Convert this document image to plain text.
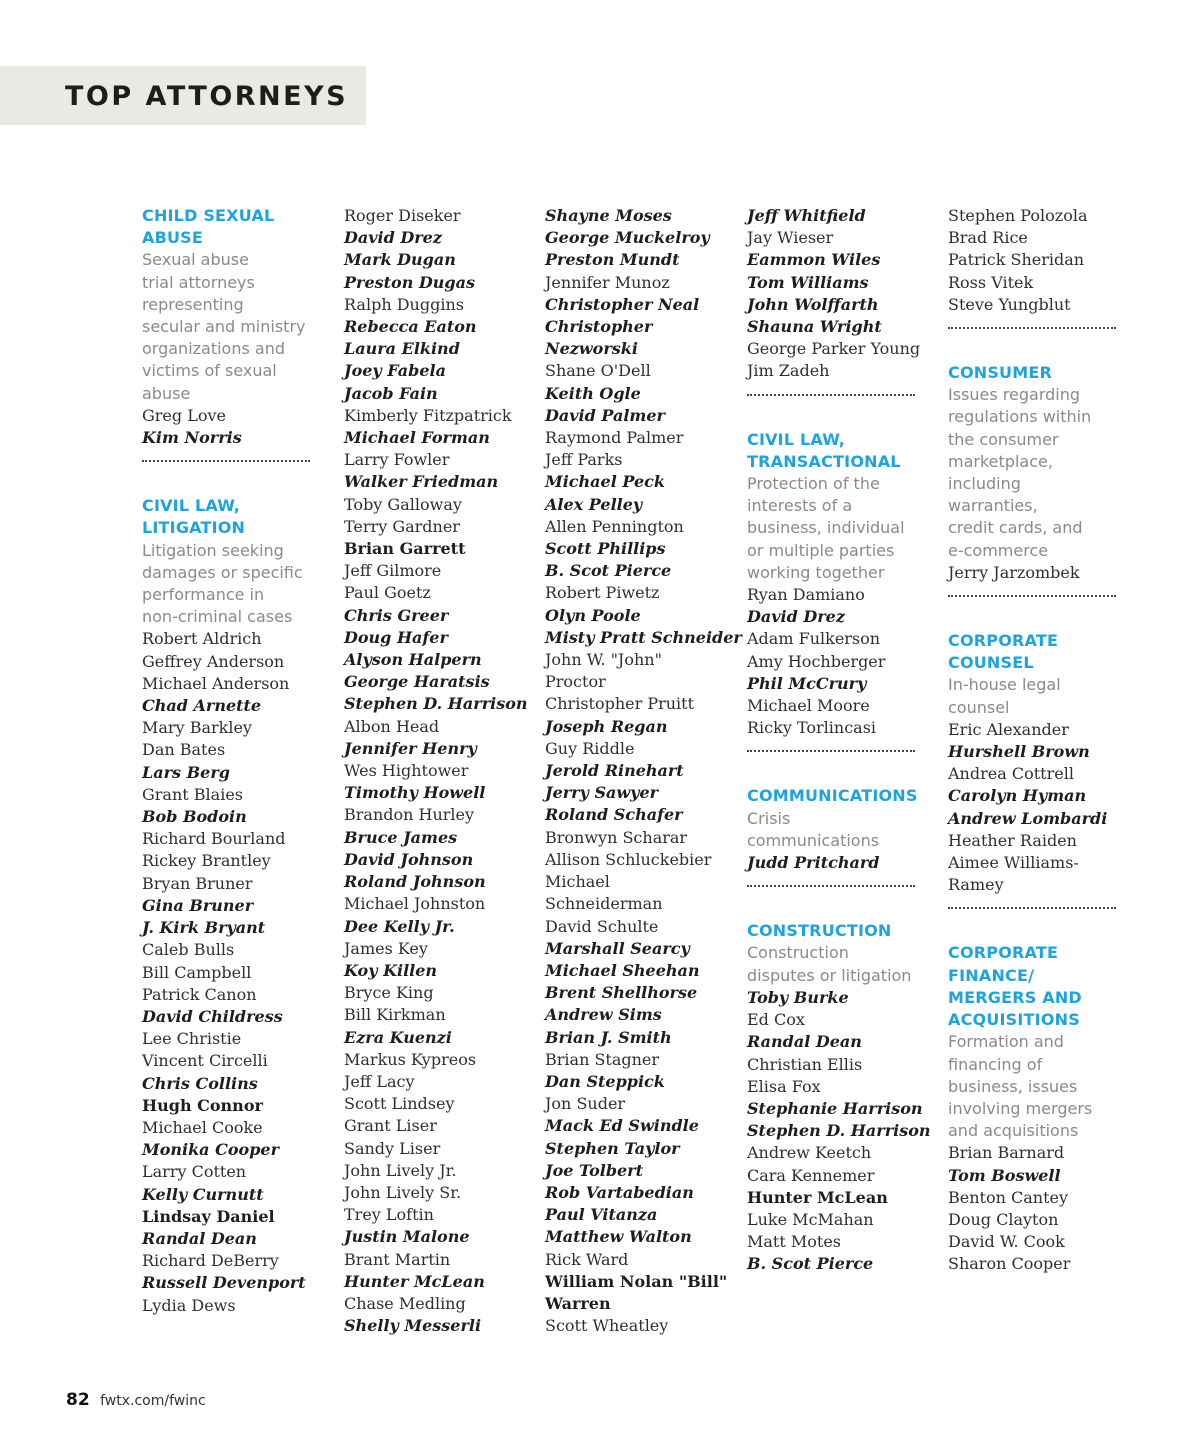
TOP ATTORNEYS
CHILD SEXUAL
ABUSE
Sexual abuse
trial attorneys
representing
secular and ministry
organizations and
victims of sexual
abuse
Greg Love
Kim Norris
CIVIL LAW,
LITIGATION
Litigation seeking
damages or specific
performance in
non-criminal cases
Robert Aldrich
Geffrey Anderson
Michael Anderson
Chad Arnette
Mary Barkley
Dan Bates
Lars Berg
Grant Blaies
Bob Bodoin
Richard Bourland
Rickey Brantley
Bryan Bruner
Gina Bruner
J. Kirk Bryant
Caleb Bulls
Bill Campbell
Patrick Canon
David Childress
Lee Christie
Vincent Circelli
Chris Collins
Hugh Connor
Michael Cooke
Monika Cooper
Larry Cotten
Kelly Curnutt
Lindsay Daniel
Randal Dean
Richard DeBerry
Russell Devenport
Lydia Dews
Roger Diseker
David Drez
Mark Dugan
Preston Dugas
Ralph Duggins
Rebecca Eaton
Laura Elkind
Joey Fabela
Jacob Fain
Kimberly Fitzpatrick
Michael Forman
Larry Fowler
Walker Friedman
Toby Galloway
Terry Gardner
Brian Garrett
Jeff Gilmore
Paul Goetz
Chris Greer
Doug Hafer
Alyson Halpern
George Haratsis
Stephen D. Harrison
Albon Head
Jennifer Henry
Wes Hightower
Timothy Howell
Brandon Hurley
Bruce James
David Johnson
Roland Johnson
Michael Johnston
Dee Kelly Jr.
James Key
Koy Killen
Bryce King
Bill Kirkman
Ezra Kuenzi
Markus Kypreos
Jeff Lacy
Scott Lindsey
Grant Liser
Sandy Liser
John Lively Jr.
John Lively Sr.
Trey Loftin
Justin Malone
Brant Martin
Hunter McLean
Chase Medling
Shelly Messerli
Shayne Moses
George Muckelroy
Preston Mundt
Jennifer Munoz
Christopher Neal
Christopher
Nezworski
Shane O'Dell
Keith Ogle
David Palmer
Raymond Palmer
Jeff Parks
Michael Peck
Alex Pelley
Allen Pennington
Scott Phillips
B. Scot Pierce
Robert Piwetz
Olyn Poole
Misty Pratt Schneider
John W. "John"
Proctor
Christopher Pruitt
Joseph Regan
Guy Riddle
Jerold Rinehart
Jerry Sawyer
Roland Schafer
Bronwyn Scharar
Allison Schluckebier
Michael
Schneiderman
David Schulte
Marshall Searcy
Michael Sheehan
Brent Shellhorse
Andrew Sims
Brian J. Smith
Brian Stagner
Dan Steppick
Jon Suder
Mack Ed Swindle
Stephen Taylor
Joe Tolbert
Rob Vartabedian
Paul Vitanza
Matthew Walton
Rick Ward
William Nolan "Bill"
Warren
Scott Wheatley
Jeff Whitfield
Jay Wieser
Eammon Wiles
Tom Williams
John Wolffarth
Shauna Wright
George Parker Young
Jim Zadeh
CIVIL LAW,
TRANSACTIONAL
Protection of the
interests of a
business, individual
or multiple parties
working together
Ryan Damiano
David Drez
Adam Fulkerson
Amy Hochberger
Phil McCrury
Michael Moore
Ricky Torlincasi
COMMUNICATIONS
Crisis
communications
Judd Pritchard
CONSTRUCTION
Construction
disputes or litigation
Toby Burke
Ed Cox
Randal Dean
Christian Ellis
Elisa Fox
Stephanie Harrison
Stephen D. Harrison
Andrew Keetch
Cara Kennemer
Hunter McLean
Luke McMahan
Matt Motes
B. Scot Pierce
Stephen Polozola
Brad Rice
Patrick Sheridan
Ross Vitek
Steve Yungblut
CONSUMER
Issues regarding
regulations within
the consumer
marketplace,
including
warranties,
credit cards, and
e-commerce
Jerry Jarzombek
CORPORATE
COUNSEL
In-house legal
counsel
Eric Alexander
Hurshell Brown
Andrea Cottrell
Carolyn Hyman
Andrew Lombardi
Heather Raiden
Aimee Williams-
Ramey
CORPORATE
FINANCE/
MERGERS AND
ACQUISITIONS
Formation and
financing of
business, issues
involving mergers
and acquisitions
Brian Barnard
Tom Boswell
Benton Cantey
Doug Clayton
David W. Cook
Sharon Cooper
82 fwtx.com/fwinc
